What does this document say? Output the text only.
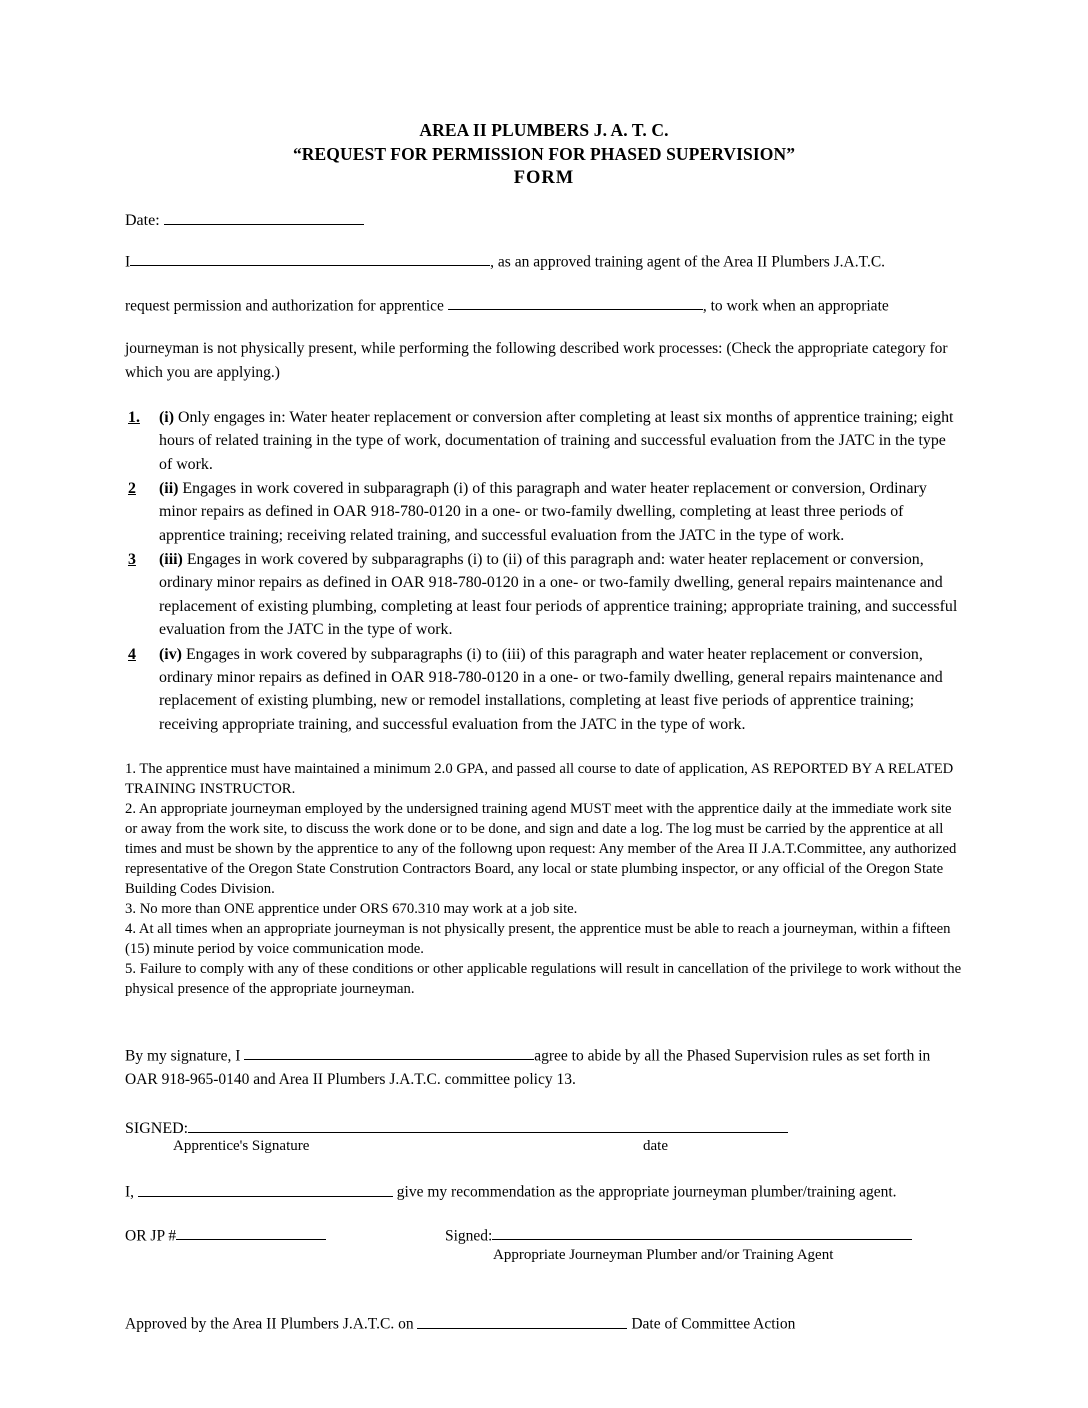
AREA II PLUMBERS J. A. T. C.
“REQUEST FOR PERMISSION FOR PHASED SUPERVISION”
FORM
Date:
I	, as an approved training agent of the Area II Plumbers J.A.T.C.
request permission and authorization for apprentice	, to work when an appropriate
journeyman is not physically present, while performing the following described work processes: (Check the appropriate category for which you are applying.)
1.	(i) Only engages in: Water heater replacement or conversion after completing at least six months of apprentice training; eight hours of related training in the type of work, documentation of training and successful evaluation from the JATC in the type of work.
2	(ii) Engages in work covered in subparagraph (i) of this paragraph and water heater replacement or conversion, Ordinary minor repairs as defined in OAR 918-780-0120 in a one- or two-family dwelling, completing at least three periods of apprentice training; receiving related training, and successful evaluation from the JATC in the type of work.
3	(iii) Engages in work covered by subparagraphs (i) to (ii) of this paragraph and: water heater replacement or conversion, ordinary minor repairs as defined in OAR 918-780-0120 in a one- or two-family dwelling, general repairs maintenance and replacement of existing plumbing, completing at least four periods of apprentice training; appropriate training, and successful evaluation from the JATC in the type of work.
4	(iv) Engages in work covered by subparagraphs (i) to (iii) of this paragraph and water heater replacement or conversion, ordinary minor repairs as defined in OAR 918-780-0120 in a one- or two-family dwelling, general repairs maintenance and replacement of existing plumbing, new or remodel installations, completing at least five periods of apprentice training; receiving appropriate training, and successful evaluation from the JATC in the type of work.

1. The apprentice must have maintained a minimum 2.0 GPA, and passed all course to date of application, AS REPORTED BY A RELATED TRAINING INSTRUCTOR.

2. An appropriate journeyman employed by the undersigned training agend MUST meet with the apprentice daily at the immediate work site or away from the work site, to discuss the work done or to be done, and sign and date a log. The log must be carried by the apprentice at all times and must be shown by the apprentice to any of the followng upon request: Any member of the Area II J.A.T.Committee, any authorized representative of the Oregon State Constrution Contractors Board, any local or state plumbing inspector, or any official of the Oregon State Building Codes Division.

3. No more than ONE apprentice under ORS 670.310 may work at a job site.

4. At all times when an appropriate journeyman is not physically present, the apprentice must be able to reach a journeyman, within a fifteen (15) minute period by voice communication mode.

5. Failure to comply with any of these conditions or other applicable regulations will result in cancellation of the privilege to work without the physical presence of the appropriate journeyman.

By my signature, I	agree to abide by all the Phased Supervision rules as set forth in
OAR 918-965-0140 and Area II Plumbers J.A.T.C. committee policy 13.
SIGNED:
Apprentice's Signature	date
I,	give my recommendation as the appropriate journeyman plumber/training agent.
OR JP #	Signed:
Appropriate Journeyman Plumber and/or Training Agent
Approved by the Area II Plumbers J.A.T.C. on	Date of Committee Action
